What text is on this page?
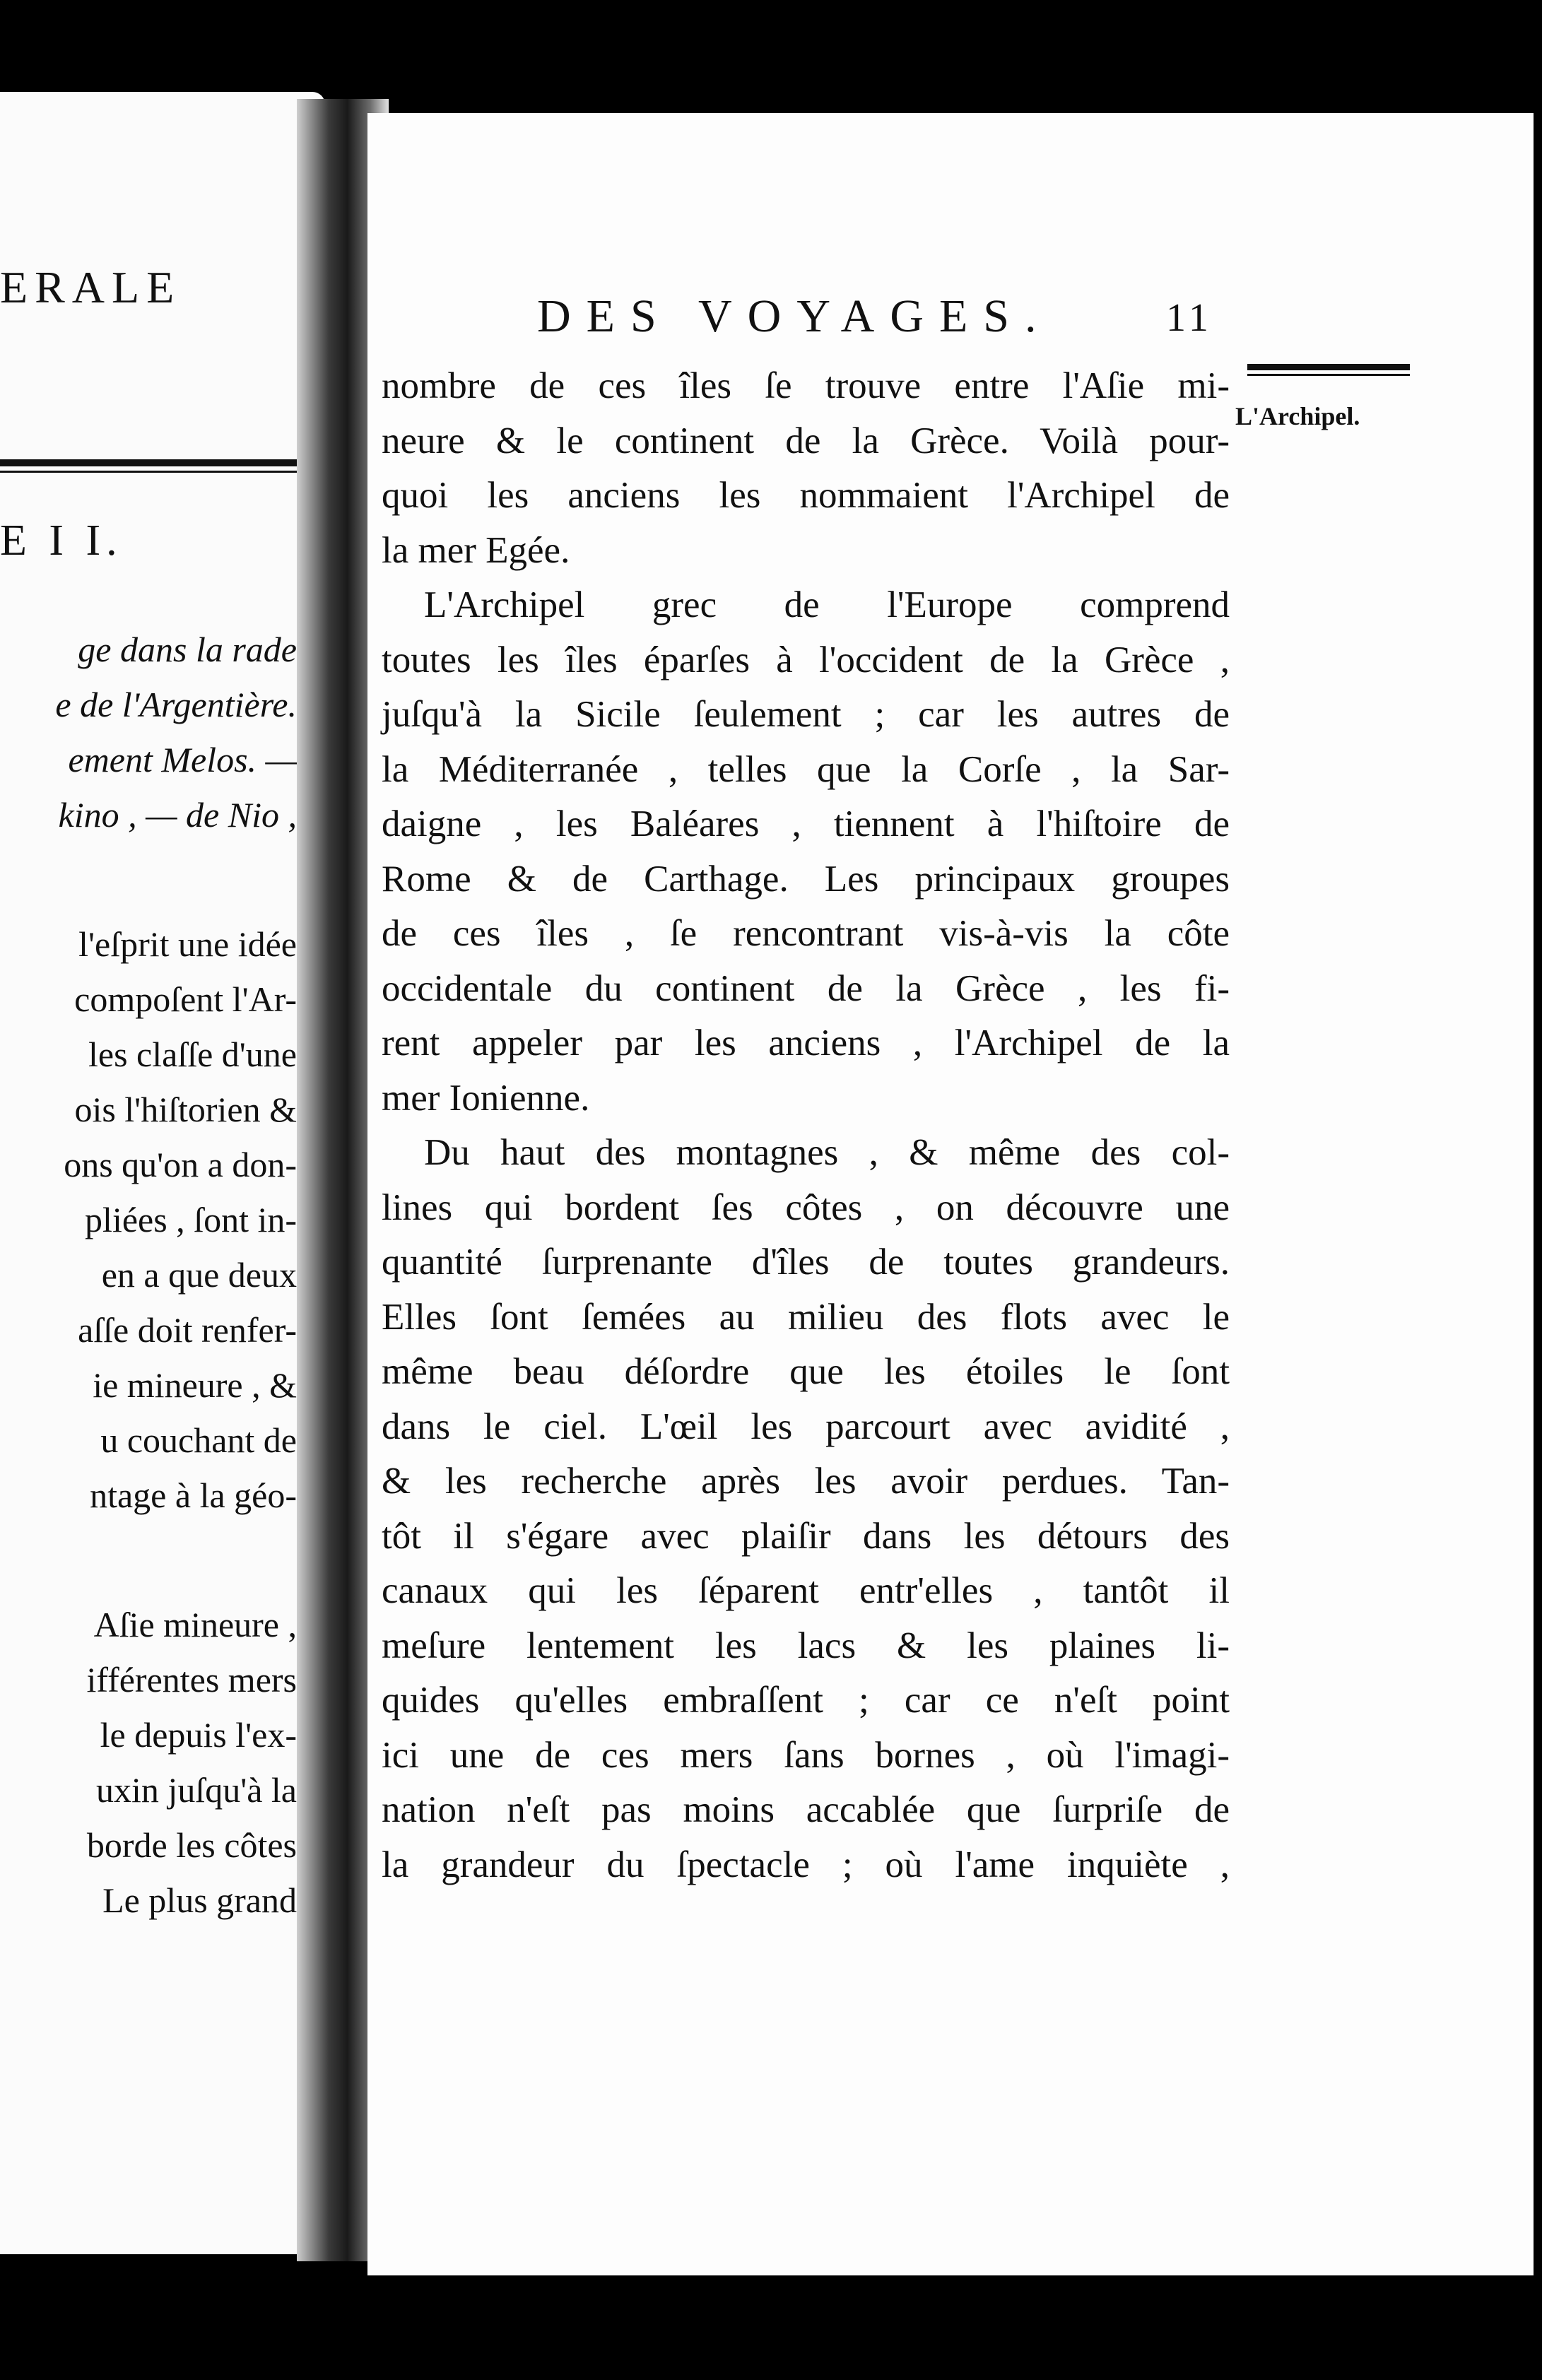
ERALE
E I I.
ge dans la rade
e de l'Argentière.
ement Melos. —
kino , — de Nio ,
l'eſprit une idée
compoſent l'Ar-
les claſſe d'une
ois l'hiſtorien &
ons qu'on a don-
pliées , ſont in-
en a que deux
aſſe doit renfer-
ie mineure , &
u couchant de
ntage à la géo-
Aſie mineure ,
ifférentes mers
le depuis l'ex-
uxin juſqu'à la
borde les côtes
Le plus grand
DES VOYAGES.	11
L'Archipel.
nombre de ces îles ſe trouve entre l'Aſie mi-
neure & le continent de la Grèce. Voilà pour-
quoi les anciens les nommaient l'Archipel de
la mer Egée.
L'Archipel grec de l'Europe comprend
toutes les îles éparſes à l'occident de la Grèce ,
juſqu'à la Sicile ſeulement ; car les autres de
la Méditerranée , telles que la Corſe , la Sar-
daigne , les Baléares , tiennent à l'hiſtoire de
Rome & de Carthage. Les principaux groupes
de ces îles , ſe rencontrant vis-à-vis la côte
occidentale du continent de la Grèce , les fi-
rent appeler par les anciens , l'Archipel de la
mer Ionienne.
Du haut des montagnes , & même des col-
lines qui bordent ſes côtes , on découvre une
quantité ſurprenante d'îles de toutes grandeurs.
Elles ſont ſemées au milieu des flots avec le
même beau déſordre que les étoiles le ſont
dans le ciel. L'œil les parcourt avec avidité ,
& les recherche après les avoir perdues. Tan-
tôt il s'égare avec plaiſir dans les détours des
canaux qui les ſéparent entr'elles , tantôt il
meſure lentement les lacs & les plaines li-
quides qu'elles embraſſent ; car ce n'eſt point
ici une de ces mers ſans bornes , où l'imagi-
nation n'eſt pas moins accablée que ſurpriſe de
la grandeur du ſpectacle ; où l'ame inquiète ,
